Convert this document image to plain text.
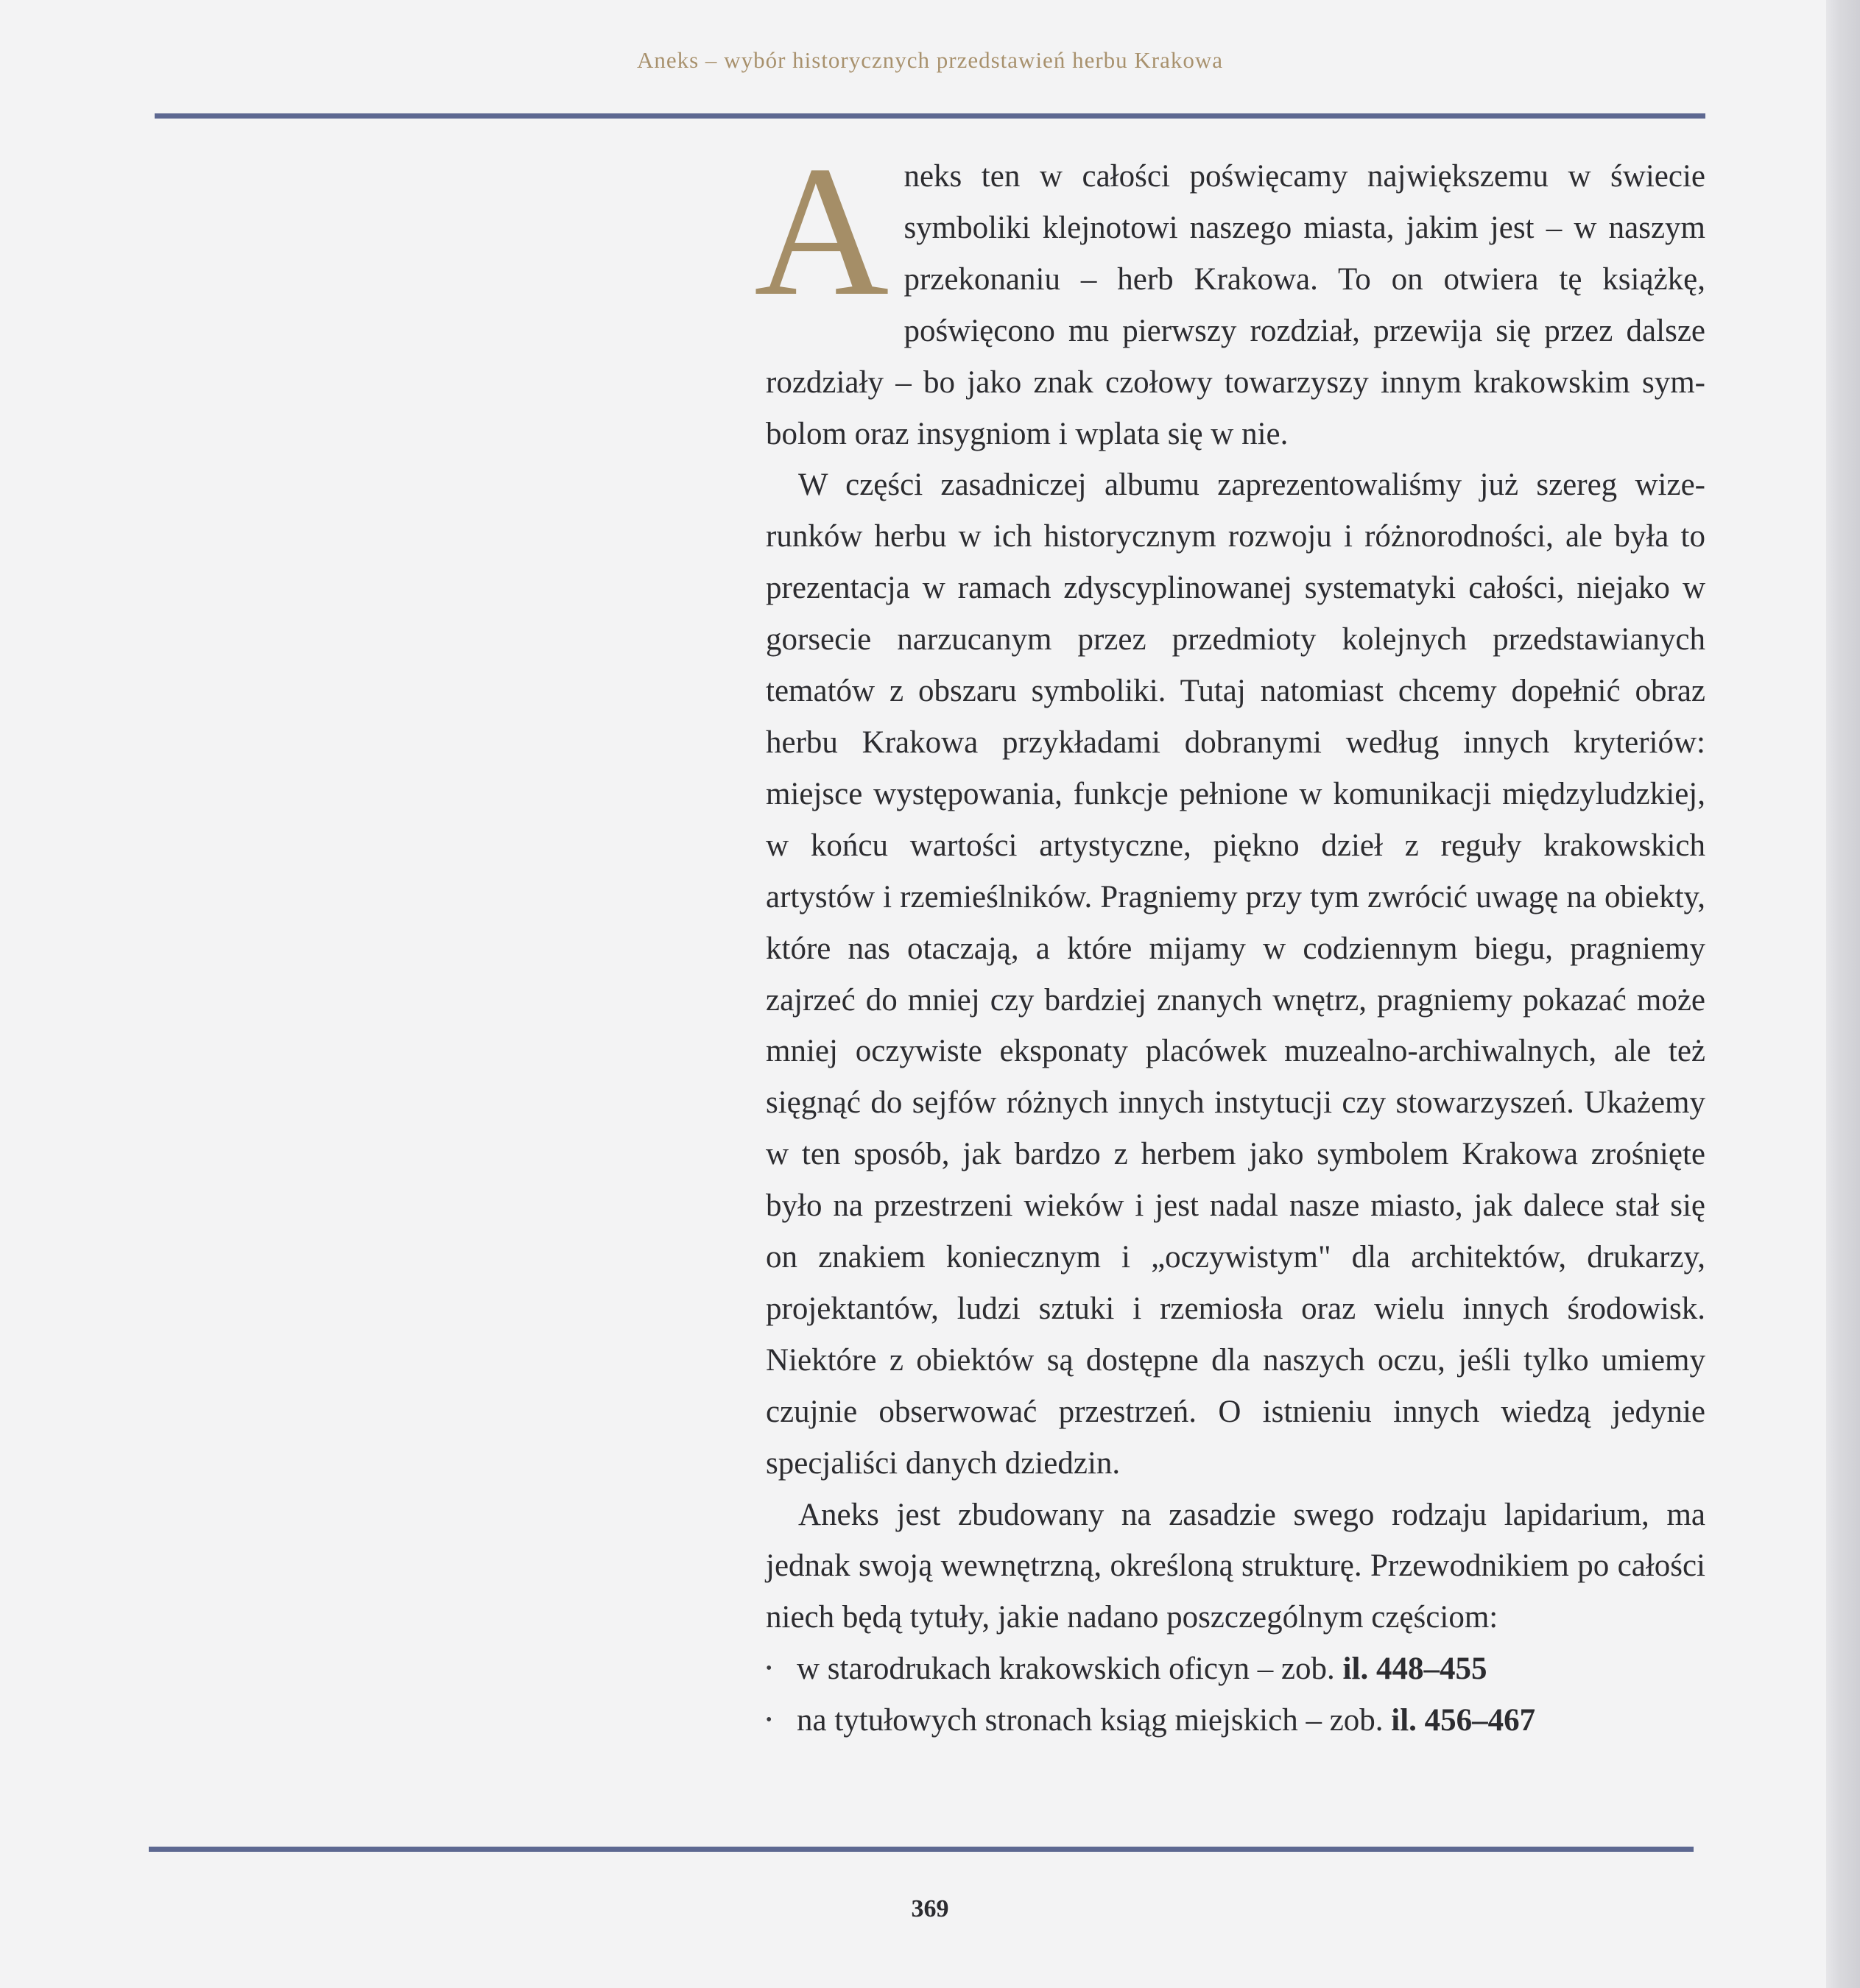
Aneks – wybór historycznych przedstawień herbu Krakowa

Aneks ten w całości poświęcamy największemu w świecie symboliki klejnotowi naszego miasta, jakim jest – w naszym przekonaniu – herb Krakowa. To on otwiera tę książkę, poświęcono mu pierwszy rozdział, przewija się przez dalsze rozdziały – bo jako znak czołowy towarzyszy innym krakowskim symbolom oraz insygniom i wplata się w nie.

W części zasadniczej albumu zaprezentowaliśmy już szereg wizerunków herbu w ich historycznym rozwoju i różnorodności, ale była to prezentacja w ramach zdyscyplinowanej systematyki całości, niejako w gorsecie narzucanym przez przedmioty kolejnych przedstawianych tematów z obszaru symboliki. Tutaj natomiast chcemy dopełnić obraz herbu Krakowa przykładami dobranymi według innych kryteriów: miejsce występowania, funkcje pełnione w komunikacji międzyludzkiej, w końcu wartości artystyczne, piękno dzieł z reguły krakowskich artystów i rzemieślników. Pragniemy przy tym zwrócić uwagę na obiekty, które nas otaczają, a które mijamy w codziennym biegu, pragniemy zajrzeć do mniej czy bardziej znanych wnętrz, pragniemy pokazać może mniej oczywiste eksponaty placówek muzealno-archiwalnych, ale też sięgnąć do sejfów różnych innych instytucji czy stowarzyszeń. Ukażemy w ten sposób, jak bardzo z herbem jako symbolem Krakowa zrośnięte było na przestrzeni wieków i jest nadal nasze miasto, jak dalece stał się on znakiem koniecznym i „oczywistym" dla architektów, drukarzy, projektantów, ludzi sztuki i rzemiosła oraz wielu innych środowisk. Niektóre z obiektów są dostępne dla naszych oczu, jeśli tylko umiemy czujnie obserwować przestrzeń. O istnieniu innych wiedzą jedynie specjaliści danych dziedzin.

Aneks jest zbudowany na zasadzie swego rodzaju lapidarium, ma jednak swoją wewnętrzną, określoną strukturę. Przewodnikiem po całości niech będą tytuły, jakie nadano poszczególnym częściom:

• w starodrukach krakowskich oficyn – zob. il. 448–455
• na tytułowych stronach ksiąg miejskich – zob. il. 456–467
369
